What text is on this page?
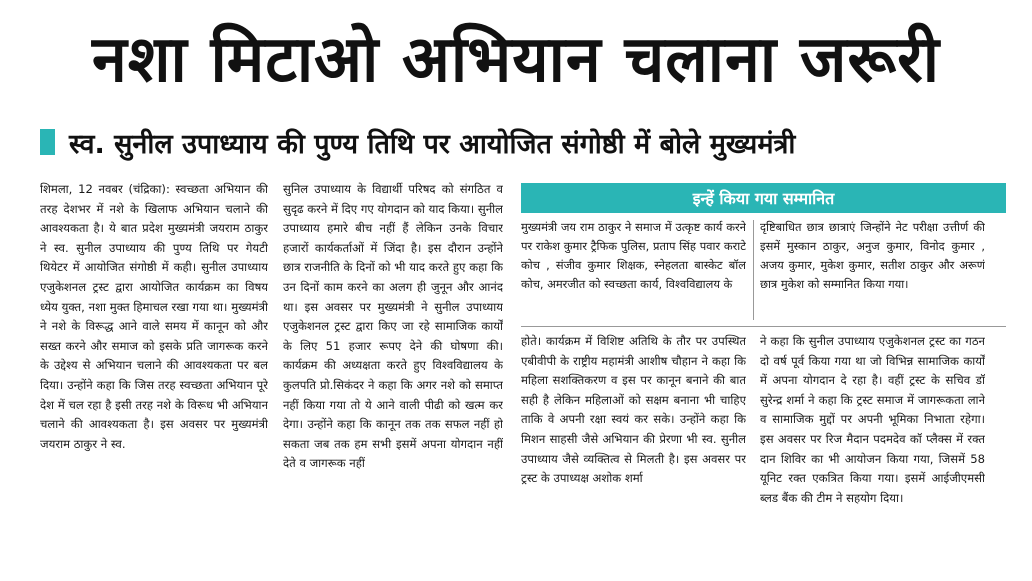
नशा मिटाओ अभियान चलाना जरूरी
स्व. सुनील उपाध्याय की पुण्य तिथि पर आयोजित संगोष्ठी में बोले मुख्यमंत्री
शिमला, 12 नवबर (चंद्रिका): स्वच्छता अभियान की तरह देशभर में नशे के खिलाफ अभियान चलाने की आवश्यकता है। ये बात प्रदेश मुख्यमंत्री जयराम ठाकुर ने स्व. सुनील उपाध्याय की पुण्य तिथि पर गेयटी थियेटर में आयोजित संगोष्ठी में कही। सुनील उपाध्याय एजुकेशनल ट्रस्ट द्वारा आयोजित कार्यक्रम का विषय ध्येय युक्त, नशा मुक्त हिमाचल रखा गया था। मुख्यमंत्री ने नशे के विरूद्ध आने वाले समय में कानून को और सख्त करने और समाज को इसके प्रति जागरूक करने के उद्देश्य से अभियान चलाने की आवश्यकता पर बल दिया। उन्होंने कहा कि जिस तरह स्वच्छता अभियान पूरे देश में चल रहा है इसी तरह नशे के विरूध भी अभियान चलाने की आवश्यकता है। इस अवसर पर मुख्यमंत्री जयराम ठाकुर ने स्व.
सुनिल उपाध्याय के विद्यार्थी परिषद को संगठित व सुदृढ करने में दिए गए योगदान को याद किया। सुनील उपाध्याय हमारे बीच नहीं हैं लेकिन उनके विचार हजारों कार्यकर्ताओं में जिंदा है। इस दौरान उन्होंने छात्र राजनीति के दिनों को भी याद करते हुए कहा कि उन दिनों काम करने का अलग ही जुनून और आनंद था। इस अवसर पर मुख्यमंत्री ने सुनील उपाध्याय एजुकेशनल ट्रस्ट द्वारा किए जा रहे सामाजिक कार्यों के लिए 51 हजार रूपए देने की घोषणा की। कार्यक्रम की अध्यक्षता करते हुए विश्वविद्यालय के कुलपति प्रो.सिकंदर ने कहा कि अगर नशे को समाप्त नहीं किया गया तो ये आने वाली पीढी को खत्म कर देगा। उन्होंने कहा कि कानून तक तक सफल नहीं हो सकता जब तक हम सभी इसमें अपना योगदान नहीं देते व जागरूक नहीं
इन्हें किया गया सम्मानित
मुख्यमंत्री जय राम ठाकुर ने समाज में उत्कृष्ट कार्य करने पर राकेश कुमार ट्रैफिक पुलिस, प्रताप सिंह पवार कराटे कोच , संजीव कुमार शिक्षक, स्नेहलता बास्केट बॉल कोच, अमरजीत को स्वच्छता कार्य, विश्वविद्यालय के
दृष्टिबाधित छात्र छात्राएं जिन्होंने नेट परीक्षा उत्तीर्ण की इसमें मुस्कान ठाकुर, अनुज कुमार, विनोद कुमार , अजय कुमार, मुकेश कुमार, सतीश ठाकुर और अरूणं छात्र मुकेश को सम्मानित किया गया।
होते। कार्यक्रम में विशिष्ट अतिथि के तौर पर उपस्थित एबीवीपी के राष्ट्रीय महामंत्री आशीष चौहान ने कहा कि महिला सशक्तिकरण व इस पर कानून बनाने की बात सही है लेकिन महिलाओं को सक्षम बनाना भी चाहिए ताकि वे अपनी रक्षा स्वयं कर सके। उन्होंने कहा कि मिशन साहसी जैसे अभियान की प्रेरणा भी स्व. सुनील उपाध्याय जैसे व्यक्तित्व से मिलती है। इस अवसर पर ट्रस्ट के उपाध्यक्ष अशोक शर्मा
ने कहा कि सुनील उपाध्याय एजुकेशनल ट्रस्ट का गठन दो वर्ष पूर्व किया गया था जो विभिन्न सामाजिक कार्यों में अपना योगदान दे रहा है। वहीं ट्रस्ट के सचिव डॉ सुरेन्द्र शर्मा ने कहा कि ट्रस्ट समाज में जागरूकता लाने व सामाजिक मुद्दों पर अपनी भूमिका निभाता रहेगा। इस अवसर पर रिज मैदान पदमदेव कॉ प्लैक्स में रक्त दान शिविर का भी आयोजन किया गया, जिसमें 58 यूनिट रक्त एकत्रित किया गया। इसमें आईजीएमसी ब्लड बैंक की टीम ने सहयोग दिया।
